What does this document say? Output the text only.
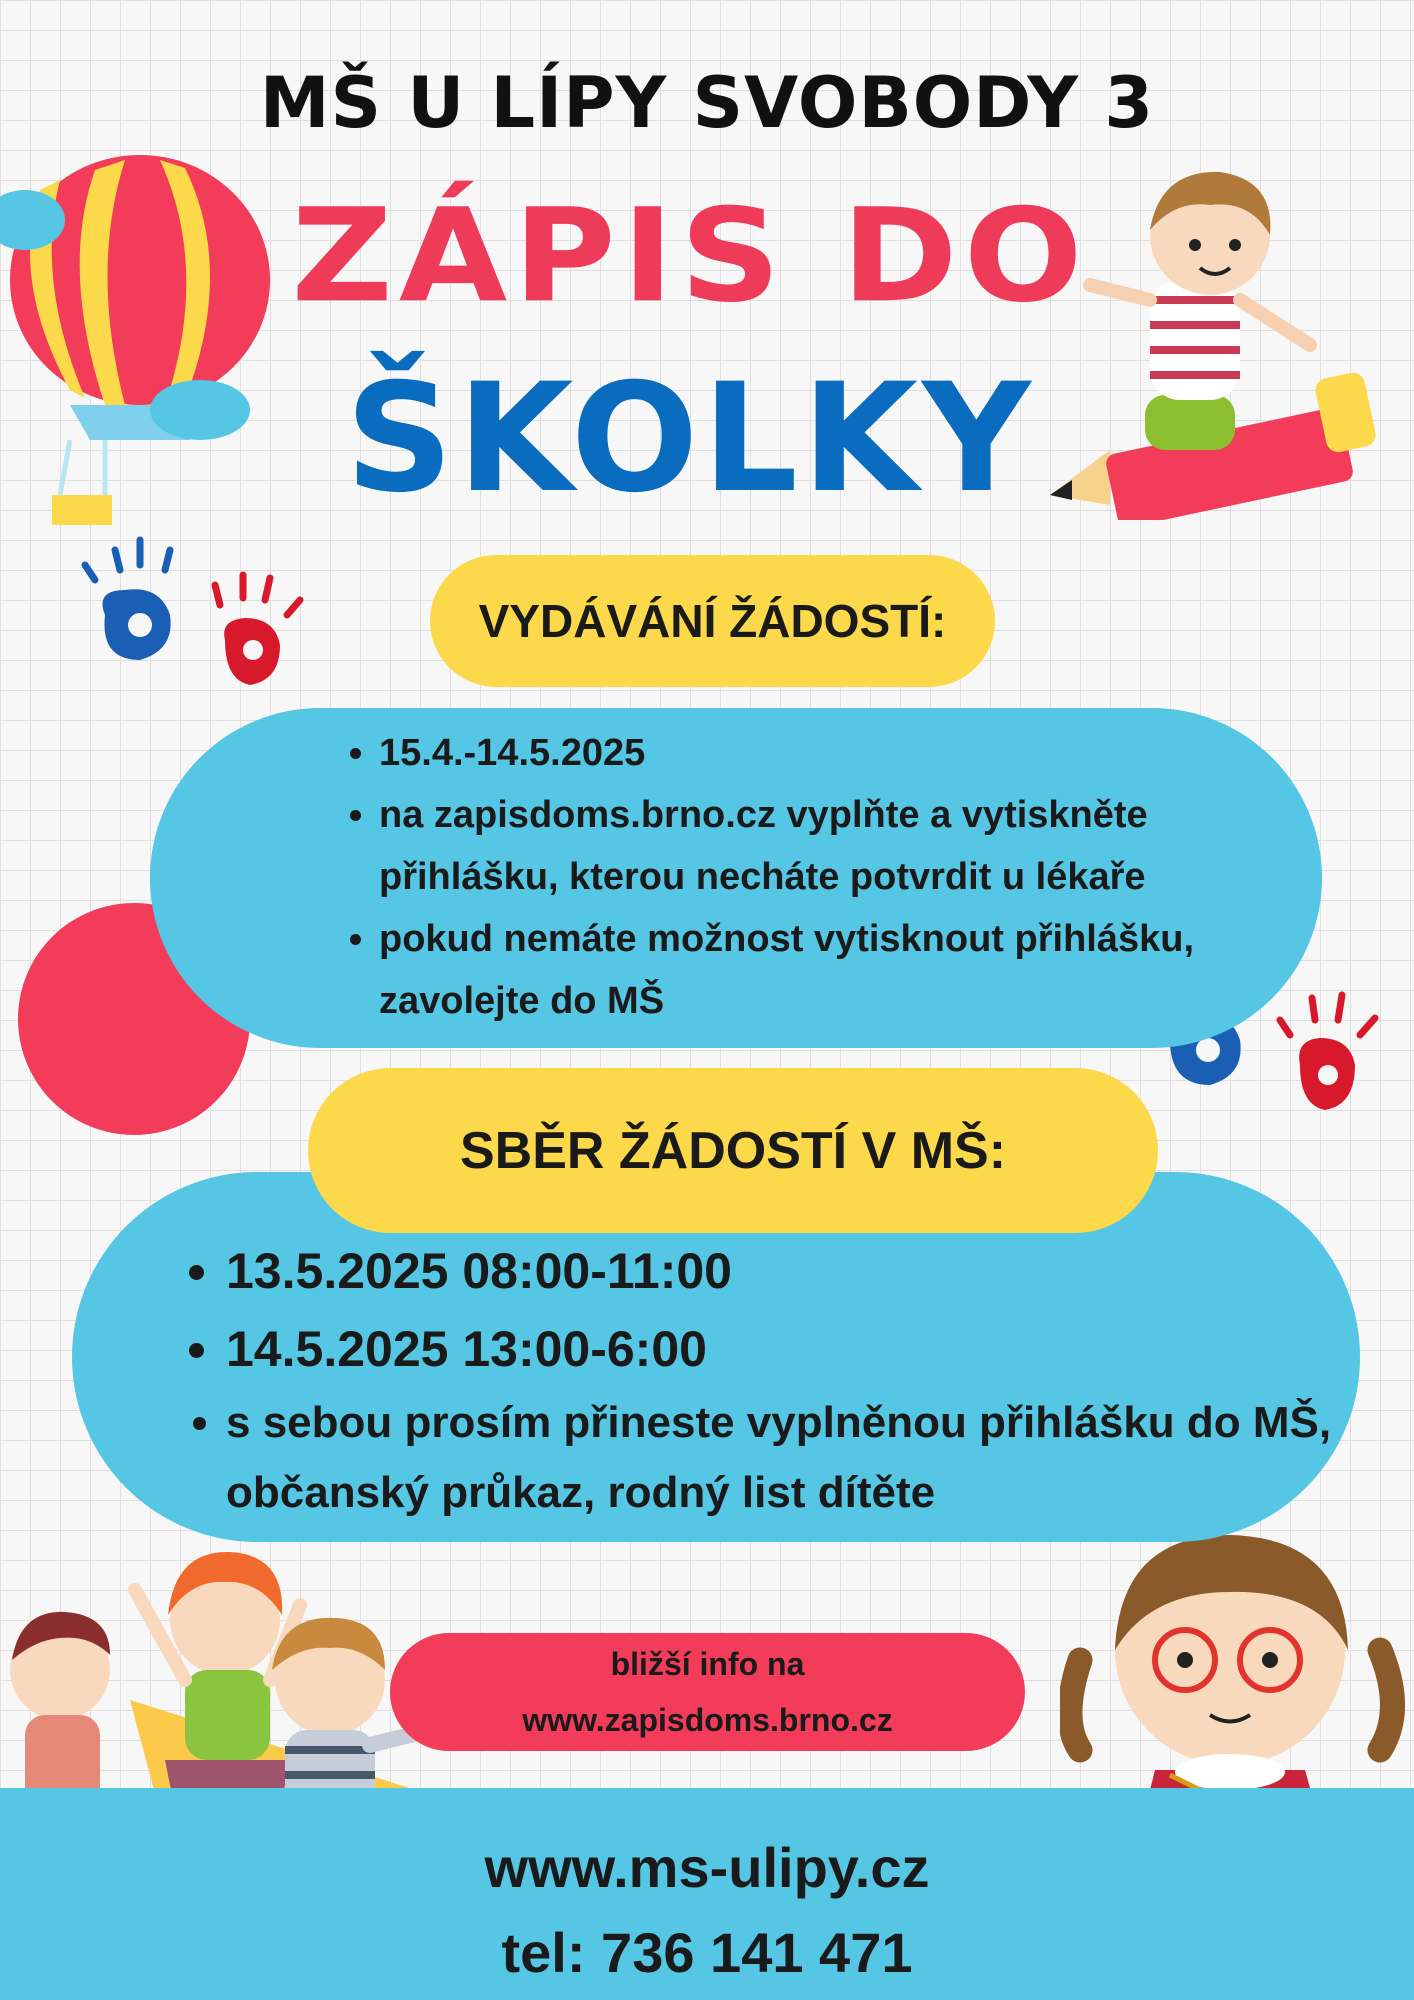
MŠ U LÍPY SVOBODY 3
ZÁPIS DO
ŠKOLKY
• 15.4.-14.5.2025
• na zapisdoms.brno.cz vyplňte a vytiskněte přihlášku, kterou necháte potvrdit u lékaře
• pokud nemáte možnost vytisknout přihlášku, zavolejte do MŠ
VYDÁVÁNÍ ŽÁDOSTÍ:
• 13.5.2025 08:00-11:00
• 14.5.2025 13:00-6:00
• s sebou prosím přineste vyplněnou přihlášku do MŠ, občanský průkaz, rodný list dítěte
SBĚR ŽÁDOSTÍ V MŠ:
bližší info na
www.zapisdoms.brno.cz
www.ms-ulipy.cz
tel: 736 141 471
